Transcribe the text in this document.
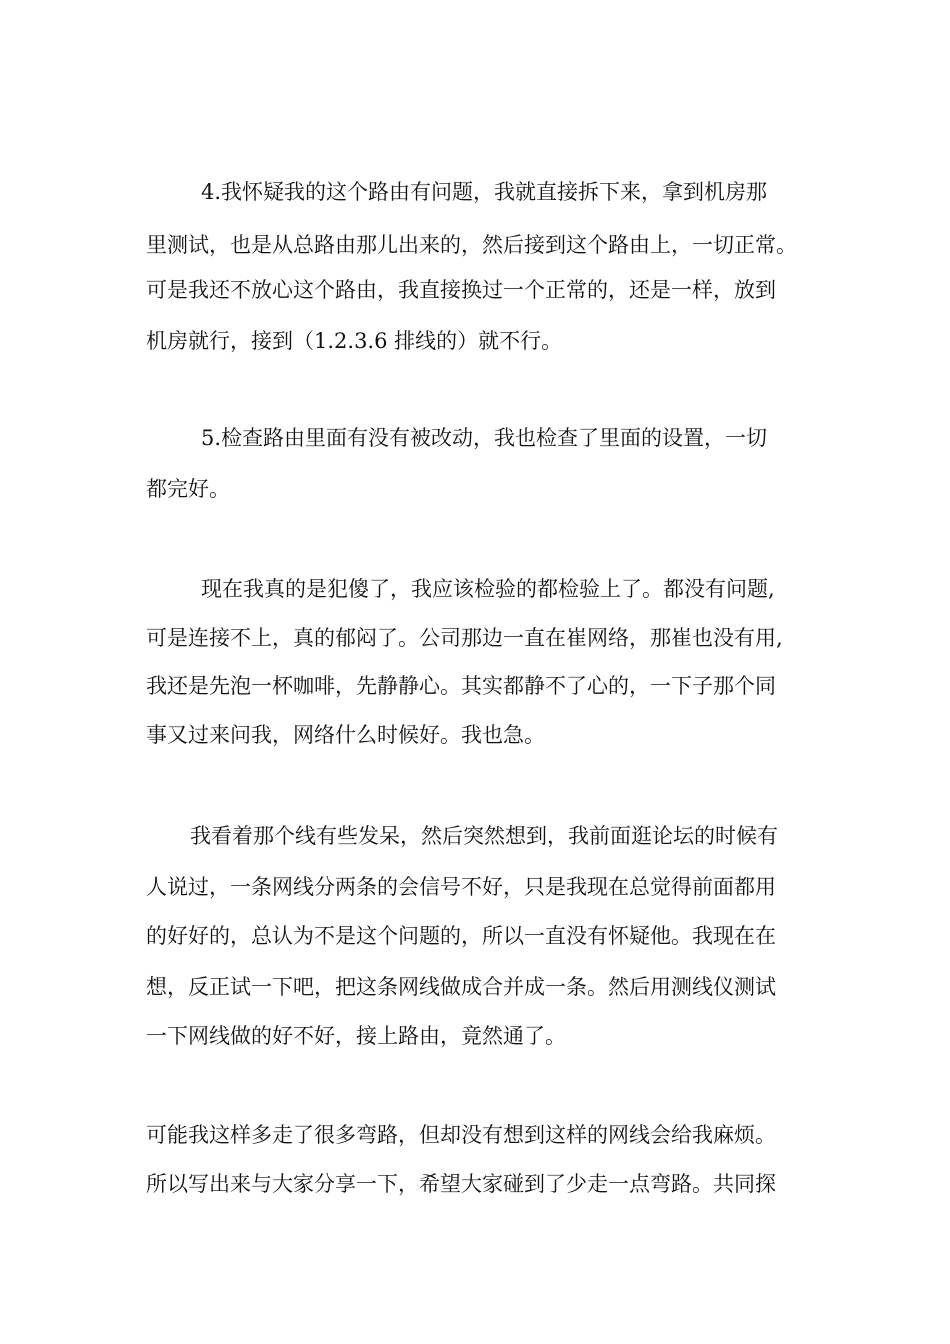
4.我怀疑我的这个路由有问题，我就直接拆下来，拿到机房那
里测试，也是从总路由那儿出来的，然后接到这个路由上，一切正常。
可是我还不放心这个路由，我直接换过一个正常的，还是一样，放到
机房就行，接到（1.2.3.6 排线的）就不行。
5.检查路由里面有没有被改动，我也检查了里面的设置，一切
都完好。
现在我真的是犯傻了，我应该检验的都检验上了。都没有问题,
可是连接不上，真的郁闷了。公司那边一直在崔网络，那崔也没有用,
我还是先泡一杯咖啡，先静静心。其实都静不了心的，一下子那个同
事又过来问我，网络什么时候好。我也急。
我看着那个线有些发呆，然后突然想到，我前面逛论坛的时候有
人说过，一条网线分两条的会信号不好，只是我现在总觉得前面都用
的好好的，总认为不是这个问题的，所以一直没有怀疑他。我现在在
想，反正试一下吧，把这条网线做成合并成一条。然后用测线仪测试
一下网线做的好不好，接上路由，竟然通了。
可能我这样多走了很多弯路，但却没有想到这样的网线会给我麻烦。
所以写出来与大家分享一下，希望大家碰到了少走一点弯路。共同探
